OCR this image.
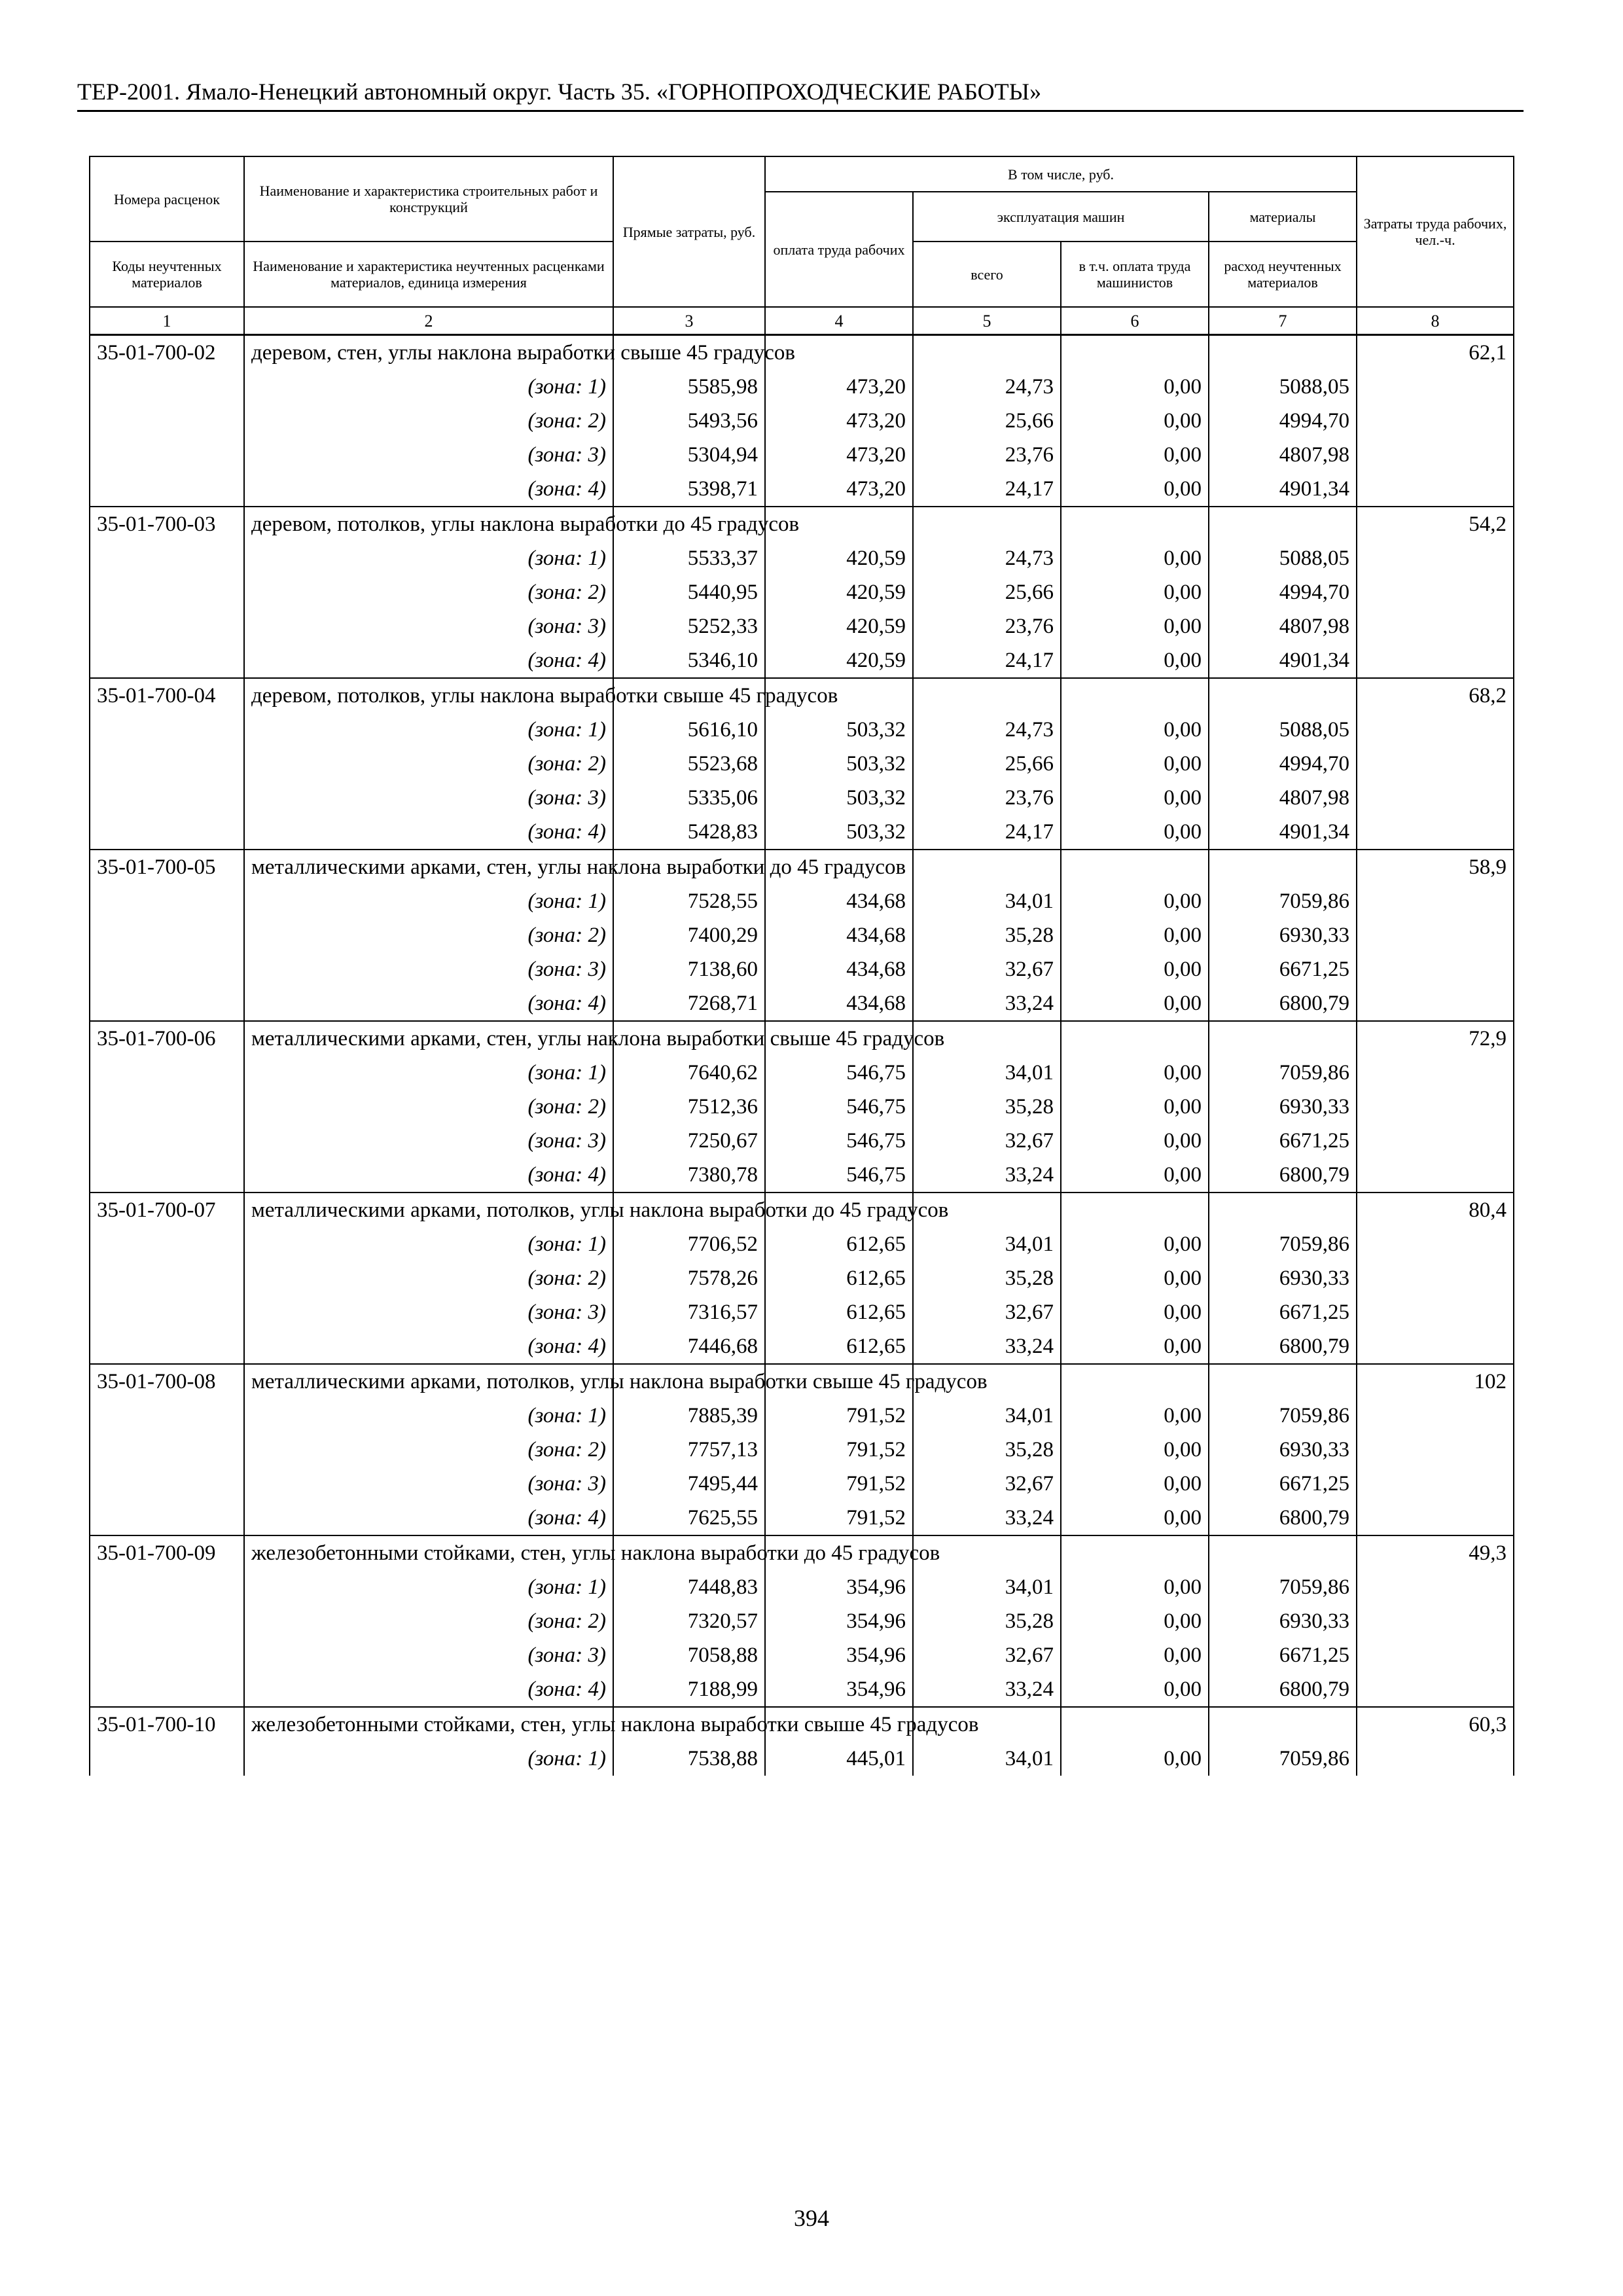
ТЕР-2001. Ямало-Ненецкий автономный округ. Часть 35. «ГОРНОПРОХОДЧЕСКИЕ РАБОТЫ»
Номера расценок	Наименование и характеристика строительных работ и конструкций	Прямые затраты, руб.	В том числе, руб.				Затраты труда рабочих, чел.-ч.
			оплата труда рабочих	эксплуатация машин		материалы	
Коды неучтенных материалов	Наименование и характеристика неучтенных расценками материалов, единица измерения			всего	в т.ч. оплата труда машинистов	расход неучтенных материалов	
1	2	3	4	5	6	7	8
35-01-700-02	деревом, стен, углы наклона выработки свыше 45 градусов						62,1
	(зона: 1)	5585,98	473,20	24,73	0,00	5088,05	
	(зона: 2)	5493,56	473,20	25,66	0,00	4994,70	
	(зона: 3)	5304,94	473,20	23,76	0,00	4807,98	
	(зона: 4)	5398,71	473,20	24,17	0,00	4901,34	
35-01-700-03	деревом, потолков, углы наклона выработки до 45 градусов						54,2
	(зона: 1)	5533,37	420,59	24,73	0,00	5088,05	
	(зона: 2)	5440,95	420,59	25,66	0,00	4994,70	
	(зона: 3)	5252,33	420,59	23,76	0,00	4807,98	
	(зона: 4)	5346,10	420,59	24,17	0,00	4901,34	
35-01-700-04	деревом, потолков, углы наклона выработки свыше 45 градусов						68,2
	(зона: 1)	5616,10	503,32	24,73	0,00	5088,05	
	(зона: 2)	5523,68	503,32	25,66	0,00	4994,70	
	(зона: 3)	5335,06	503,32	23,76	0,00	4807,98	
	(зона: 4)	5428,83	503,32	24,17	0,00	4901,34	
35-01-700-05	металлическими арками, стен, углы наклона выработки до 45 градусов						58,9
	(зона: 1)	7528,55	434,68	34,01	0,00	7059,86	
	(зона: 2)	7400,29	434,68	35,28	0,00	6930,33	
	(зона: 3)	7138,60	434,68	32,67	0,00	6671,25	
	(зона: 4)	7268,71	434,68	33,24	0,00	6800,79	
35-01-700-06	металлическими арками, стен, углы наклона выработки свыше 45 градусов						72,9
	(зона: 1)	7640,62	546,75	34,01	0,00	7059,86	
	(зона: 2)	7512,36	546,75	35,28	0,00	6930,33	
	(зона: 3)	7250,67	546,75	32,67	0,00	6671,25	
	(зона: 4)	7380,78	546,75	33,24	0,00	6800,79	
35-01-700-07	металлическими арками, потолков, углы наклона выработки до 45 градусов						80,4
	(зона: 1)	7706,52	612,65	34,01	0,00	7059,86	
	(зона: 2)	7578,26	612,65	35,28	0,00	6930,33	
	(зона: 3)	7316,57	612,65	32,67	0,00	6671,25	
	(зона: 4)	7446,68	612,65	33,24	0,00	6800,79	
35-01-700-08	металлическими арками, потолков, углы наклона выработки свыше 45 градусов						102
	(зона: 1)	7885,39	791,52	34,01	0,00	7059,86	
	(зона: 2)	7757,13	791,52	35,28	0,00	6930,33	
	(зона: 3)	7495,44	791,52	32,67	0,00	6671,25	
	(зона: 4)	7625,55	791,52	33,24	0,00	6800,79	
35-01-700-09	железобетонными стойками, стен, углы наклона выработки до 45 градусов						49,3
	(зона: 1)	7448,83	354,96	34,01	0,00	7059,86	
	(зона: 2)	7320,57	354,96	35,28	0,00	6930,33	
	(зона: 3)	7058,88	354,96	32,67	0,00	6671,25	
	(зона: 4)	7188,99	354,96	33,24	0,00	6800,79	
35-01-700-10	железобетонными стойками, стен, углы наклона выработки свыше 45 градусов						60,3
	(зона: 1)	7538,88	445,01	34,01	0,00	7059,86	
394
